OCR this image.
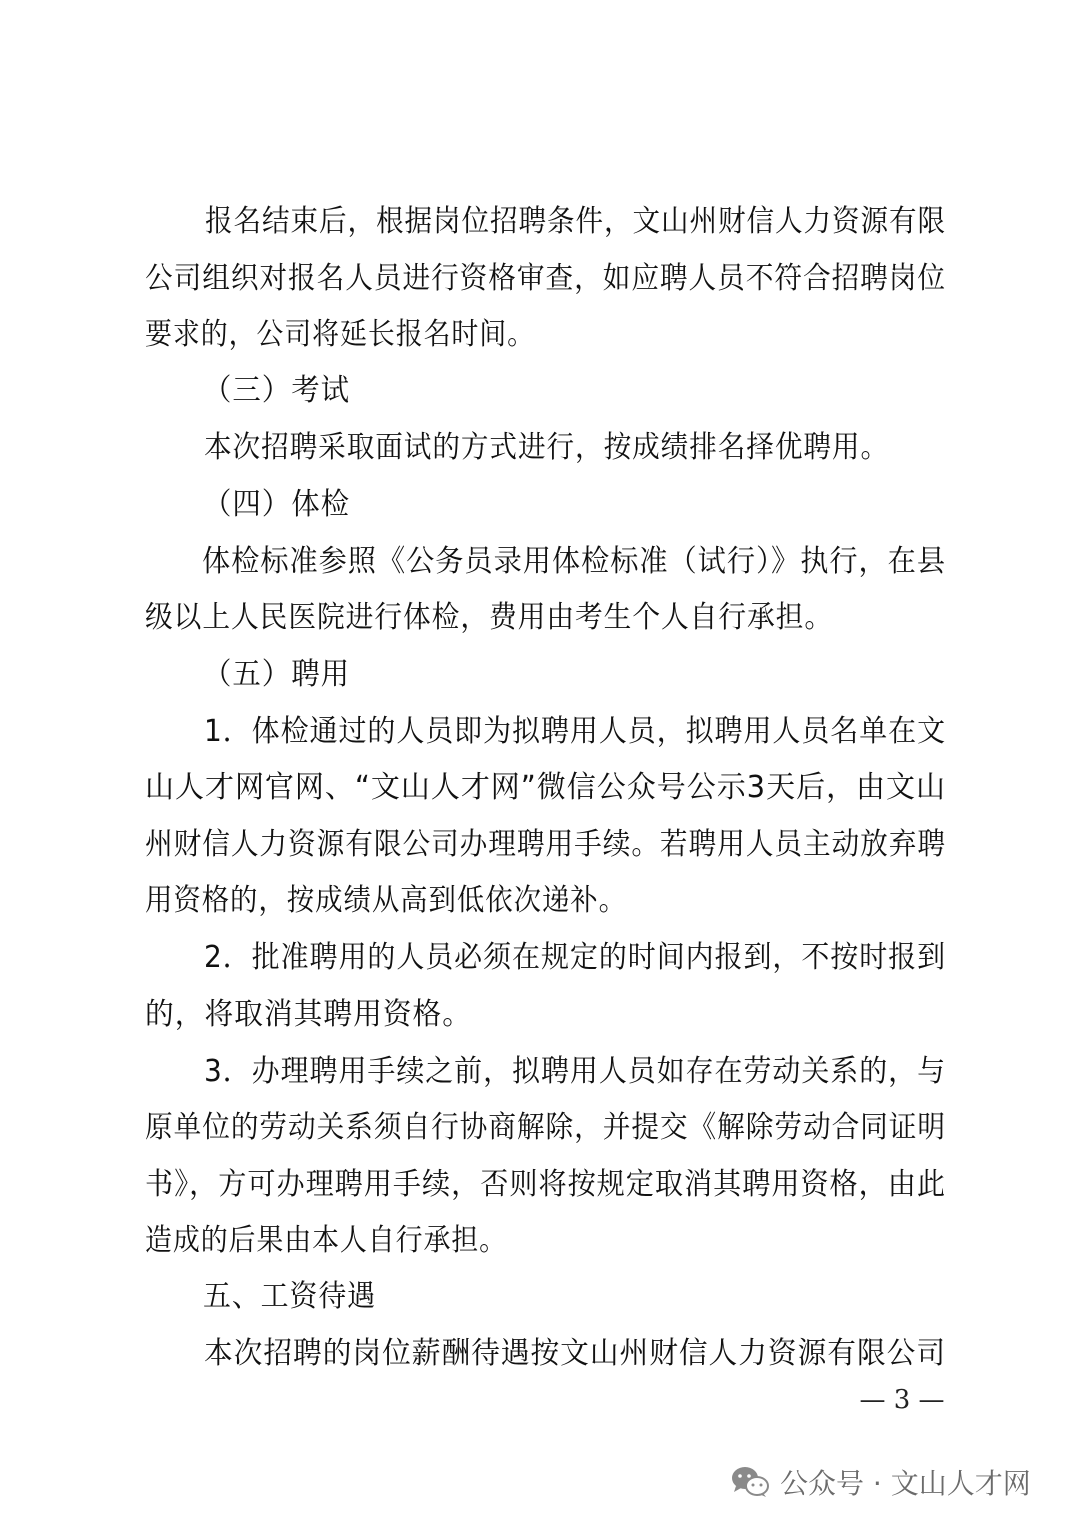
报名结束后，根据岗位招聘条件，文山州财信人力资源有限
公司组织对报名人员进行资格审查，如应聘人员不符合招聘岗位
要求的，公司将延长报名时间。
（三）考试
本次招聘采取面试的方式进行，按成绩排名择优聘用。
（四）体检
体检标准参照《公务员录用体检标准（试行）》执行，在县
级以上人民医院进行体检，费用由考生个人自行承担。
（五）聘用
1．体检通过的人员即为拟聘用人员，拟聘用人员名单在文
山人才网官网、“文山人才网”微信公众号公示3天后，由文山
州财信人力资源有限公司办理聘用手续。若聘用人员主动放弃聘
用资格的，按成绩从高到低依次递补。
2．批准聘用的人员必须在规定的时间内报到，不按时报到
的，将取消其聘用资格。
3．办理聘用手续之前，拟聘用人员如存在劳动关系的，与
原单位的劳动关系须自行协商解除，并提交《解除劳动合同证明
书》，方可办理聘用手续，否则将按规定取消其聘用资格，由此
造成的后果由本人自行承担。
五、工资待遇
本次招聘的岗位薪酬待遇按文山州财信人力资源有限公司
— 3 —
公众号 · 文山人才网
